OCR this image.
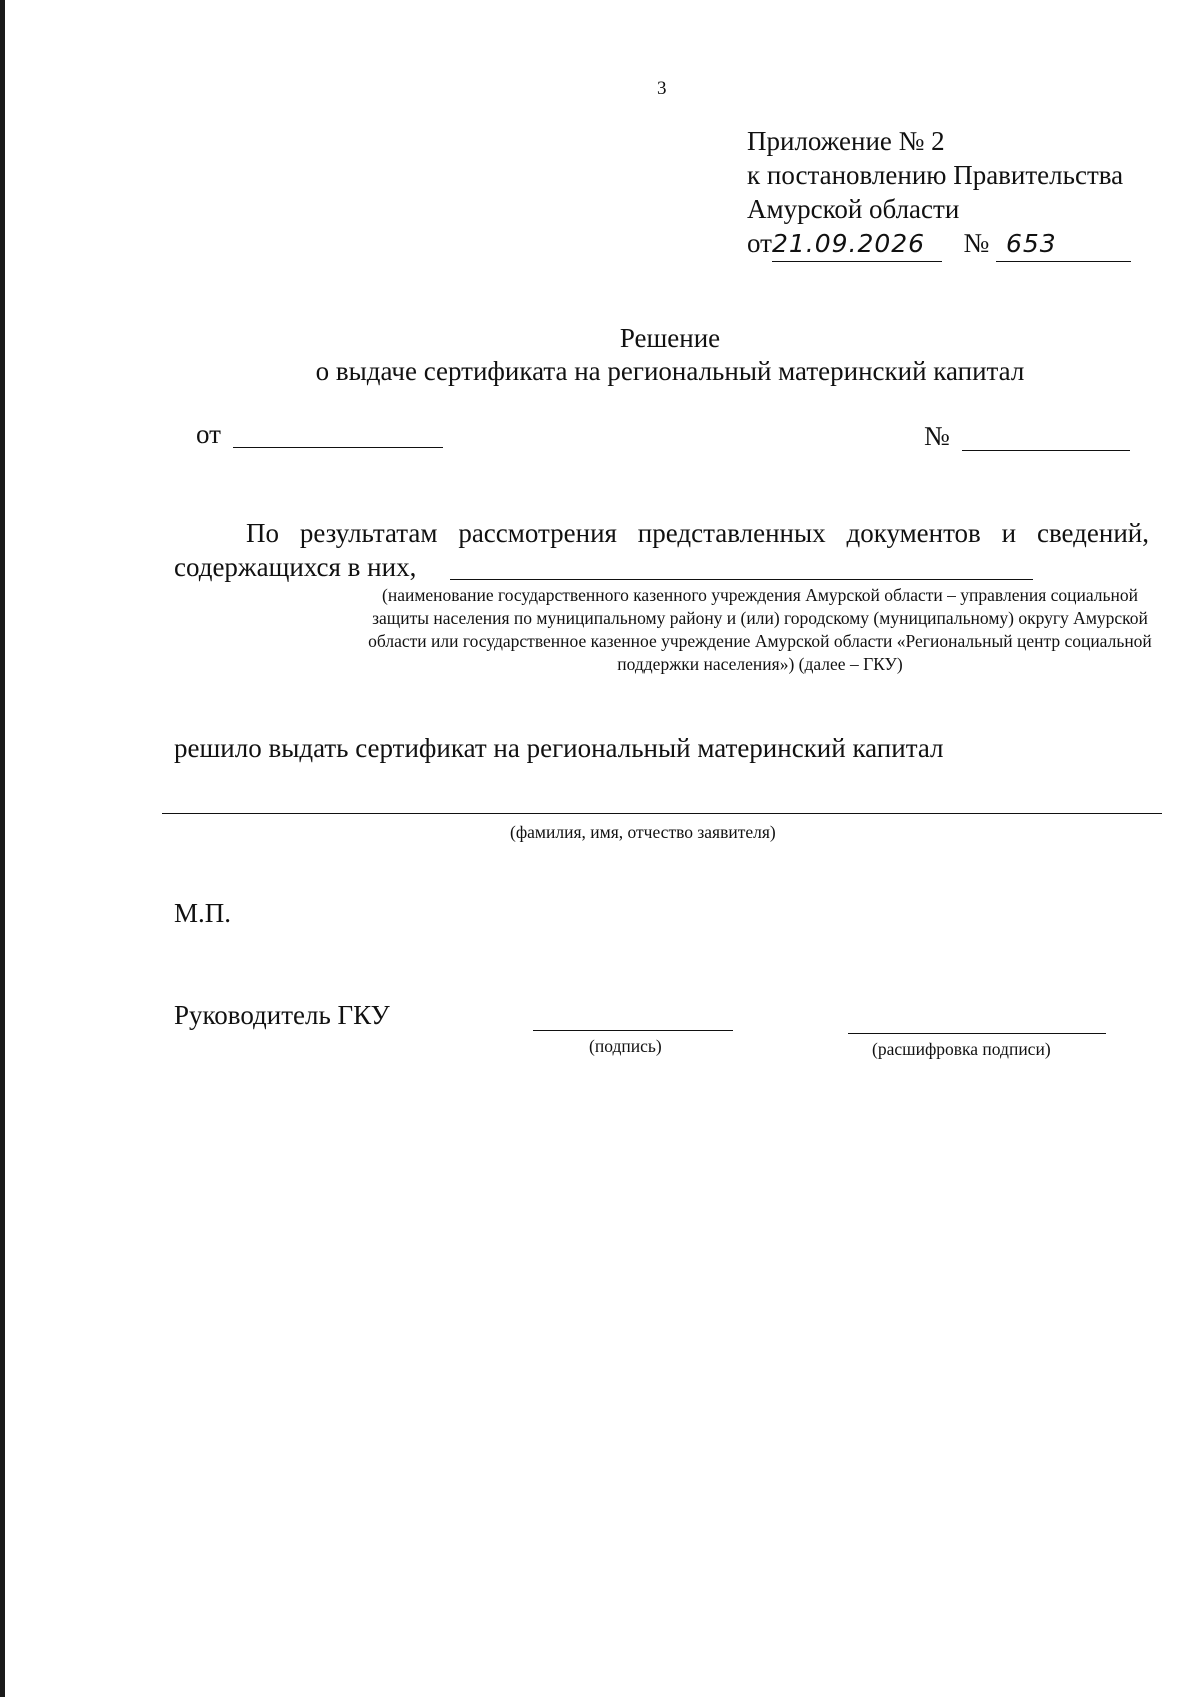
3
Приложение № 2
к постановлению Правительства
Амурской области
от21.09.2026 № 653
Решение
о выдаче сертификата на региональный материнский капитал
от	№
По результатам рассмотрения представленных документов и сведений, содержащихся в них,
(наименование государственного казенного учреждения Амурской области – управления социальной защиты населения по муниципальному району и (или) городскому (муниципальному) округу Амурской области или государственное казенное учреждение Амурской области «Региональный центр социальной поддержки населения») (далее – ГКУ)
решило выдать сертификат на региональный материнский капитал
(фамилия, имя, отчество заявителя)
М.П.
Руководитель ГКУ
(подпись)	(расшифровка подписи)
